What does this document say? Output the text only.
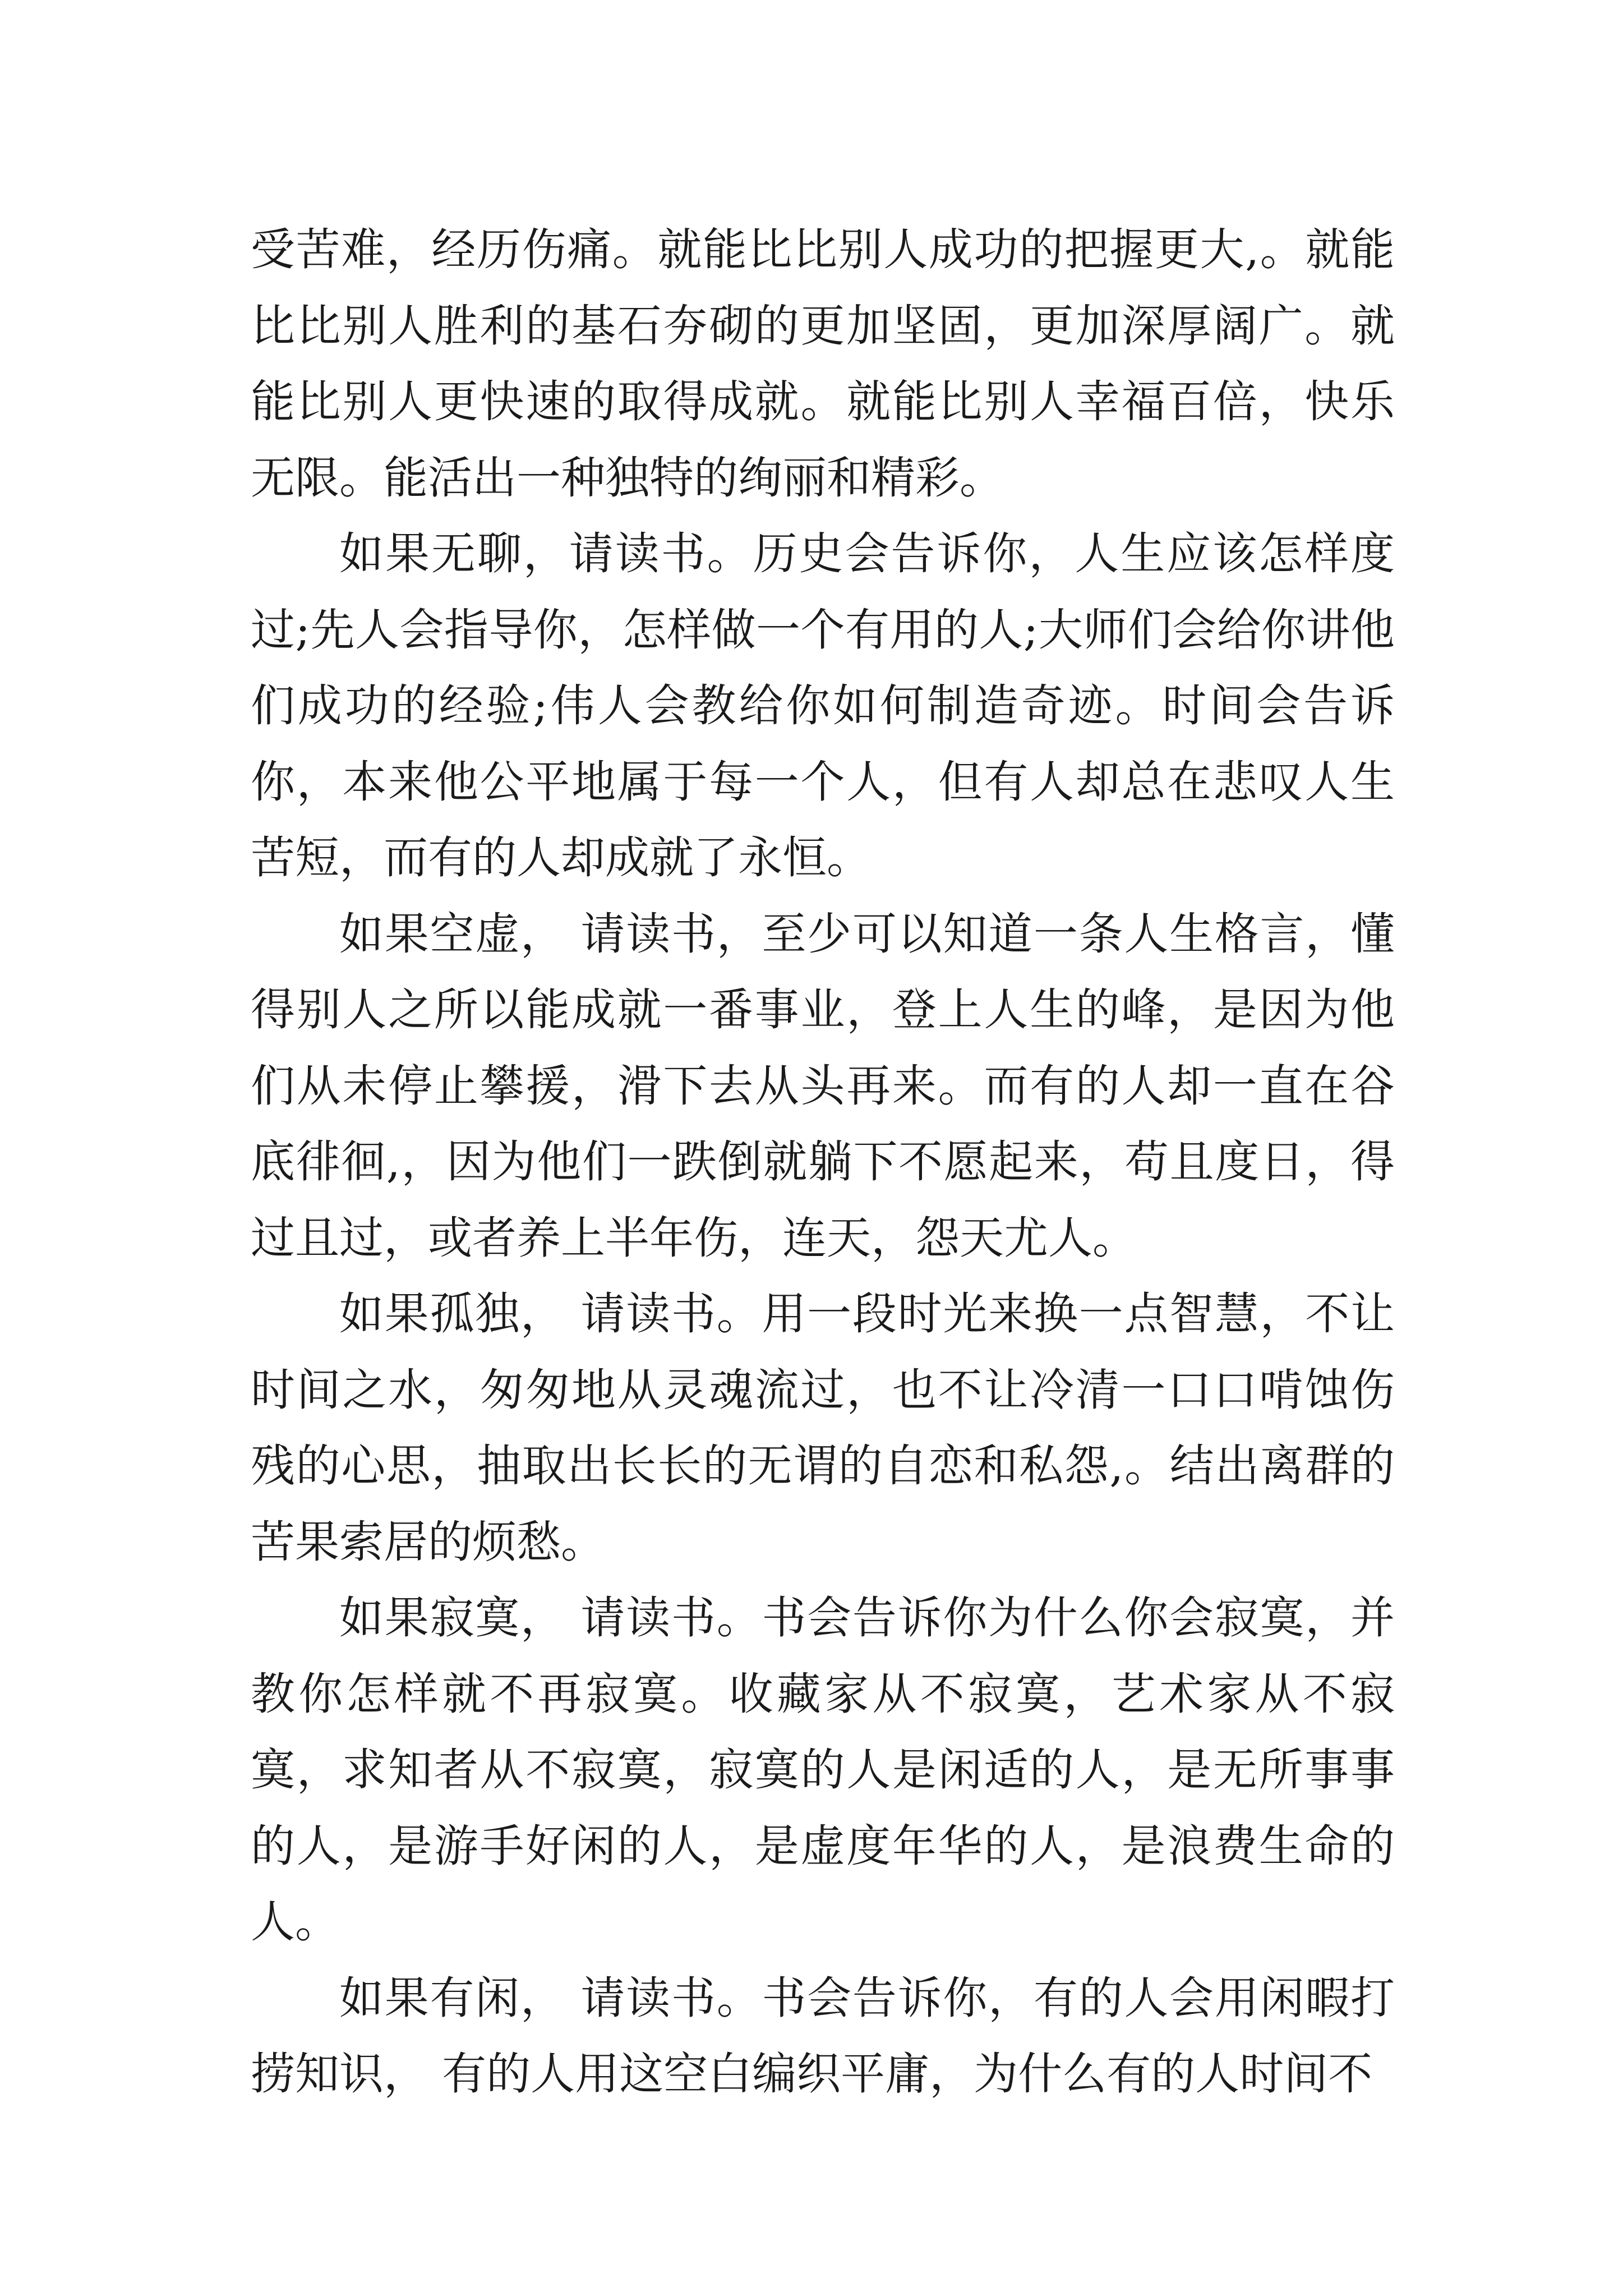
受苦难，经历伤痛。就能比比别人成功的把握更大,。就能比比别人胜利的基石夯砌的更加坚固，更加深厚阔广。就能比别人更快速的取得成就。就能比别人幸福百倍，快乐无限。能活出一种独特的绚丽和精彩。

如果无聊，请读书。历史会告诉你，人生应该怎样度过;先人会指导你，怎样做一个有用的人;大师们会给你讲他们成功的经验;伟人会教给你如何制造奇迹。时间会告诉你，本来他公平地属于每一个人，但有人却总在悲叹人生苦短，而有的人却成就了永恒。

如果空虚， 请读书，至少可以知道一条人生格言，懂得别人之所以能成就一番事业，登上人生的峰，是因为他们从未停止攀援，滑下去从头再来。而有的人却一直在谷底徘徊,，因为他们一跌倒就躺下不愿起来，苟且度日，得过且过，或者养上半年伤，连天，怨天尤人。

如果孤独， 请读书。用一段时光来换一点智慧，不让时间之水，匆匆地从灵魂流过，也不让冷清一口口啃蚀伤残的心思，抽取出长长的无谓的自恋和私怨,。结出离群的苦果索居的烦愁。

如果寂寞， 请读书。书会告诉你为什么你会寂寞，并教你怎样就不再寂寞。收藏家从不寂寞，艺术家从不寂寞，求知者从不寂寞，寂寞的人是闲适的人，是无所事事的人，是游手好闲的人，是虚度年华的人，是浪费生命的人。

如果有闲， 请读书。书会告诉你，有的人会用闲暇打捞知识， 有的人用这空白编织平庸，为什么有的人时间不
